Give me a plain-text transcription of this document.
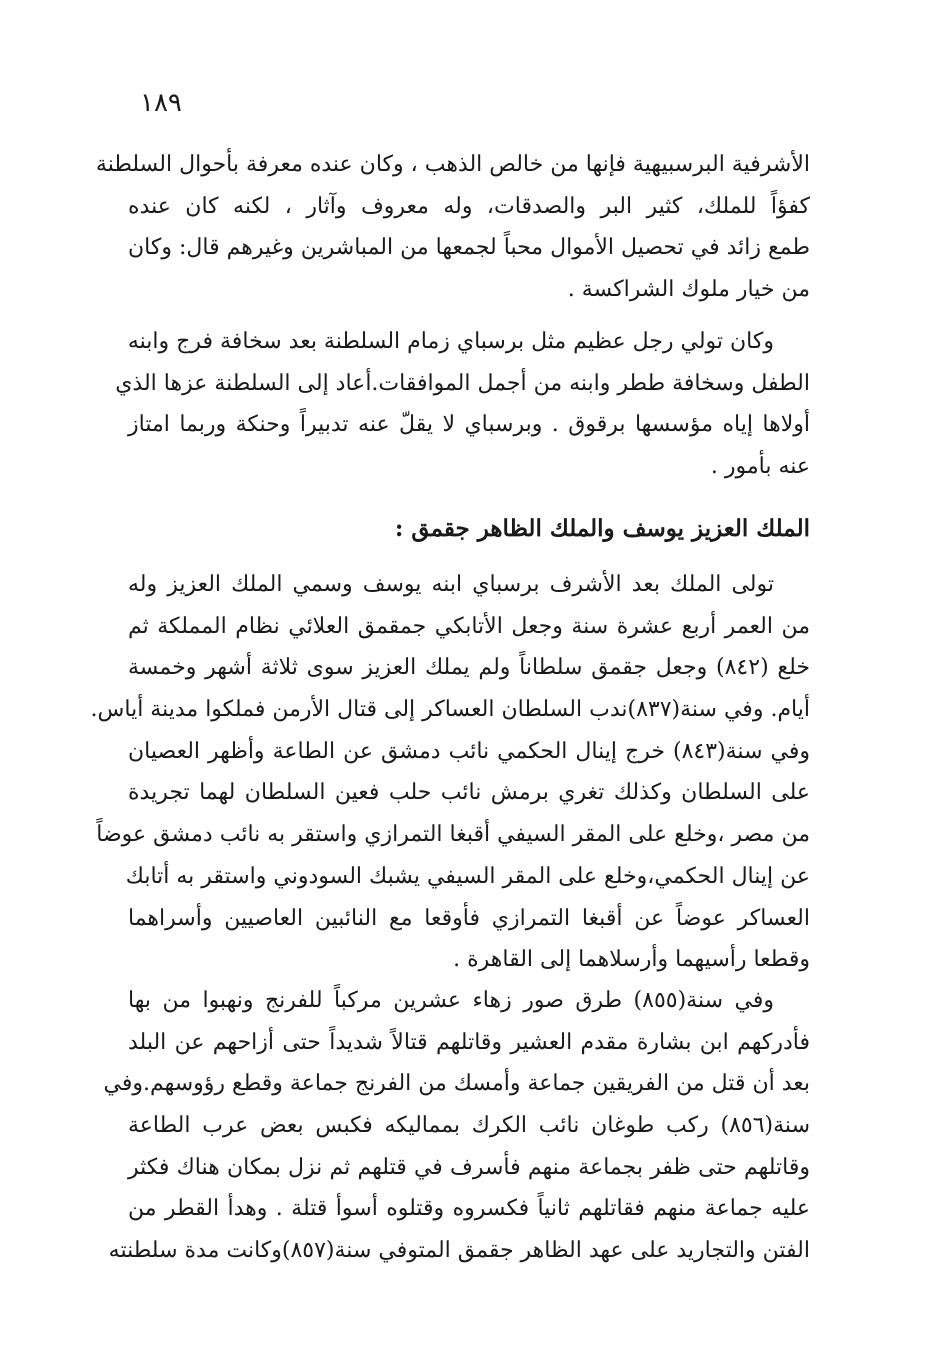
١٨٩
الأشرفية البرسبيهية فإنها من خالص الذهب ، وكان عنده معرفة بأحوال السلطنة
كفؤاً للملك، كثير البر والصدقات، وله معروف وآثار ، لكنه كان عنده
طمع زائد في تحصيل الأموال محباً لجمعها من المباشرين وغيرهم قال: وكان
من خيار ملوك الشراكسة .
وكان تولي رجل عظيم مثل برسباي زمام السلطنة بعد سخافة فرج وابنه
الطفل وسخافة ططر وابنه من أجمل الموافقات.أعاد إلى السلطنة عزها الذي
أولاها إياه مؤسسها برقوق . وبرسباي لا يقلّ عنه تدبيراً وحنكة وربما امتاز
عنه بأمور .
الملك العزيز يوسف والملك الظاهر جقمق :
تولى الملك بعد الأشرف برسباي ابنه يوسف وسمي الملك العزيز وله
من العمر أربع عشرة سنة وجعل الأتابكي جمقمق العلائي نظام المملكة ثم
خلع (٨٤٢) وجعل جقمق سلطاناً ولم يملك العزيز سوى ثلاثة أشهر وخمسة
أيام. وفي سنة(٨٣٧)ندب السلطان العساكر إلى قتال الأرمن فملكوا مدينة أياس.
وفي سنة(٨٤٣) خرج إينال الحكمي نائب دمشق عن الطاعة وأظهر العصيان
على السلطان وكذلك تغري برمش نائب حلب فعين السلطان لهما تجريدة
من مصر ،وخلع على المقر السيفي أقبغا التمرازي واستقر به نائب دمشق عوضاً
عن إينال الحكمي،وخلع على المقر السيفي يشبك السودوني واستقر به أتابك
العساكر عوضاً عن أقبغا التمرازي فأوقعا مع النائبين العاصيين وأسراهما
وقطعا رأسيهما وأرسلاهما إلى القاهرة .
وفي سنة(٨٥٥) طرق صور زهاء عشرين مركباً للفرنج ونهبوا من بها
فأدركهم ابن بشارة مقدم العشير وقاتلهم قتالاً شديداً حتى أزاحهم عن البلد
بعد أن قتل من الفريقين جماعة وأمسك من الفرنج جماعة وقطع رؤوسهم.وفي
سنة(٨٥٦) ركب طوغان نائب الكرك بمماليكه فكبس بعض عرب الطاعة
وقاتلهم حتى ظفر بجماعة منهم فأسرف في قتلهم ثم نزل بمكان هناك فكثر
عليه جماعة منهم فقاتلهم ثانياً فكسروه وقتلوه أسوأ قتلة . وهدأ القطر من
الفتن والتجاريد على عهد الظاهر جقمق المتوفي سنة(٨٥٧)وكانت مدة سلطنته
